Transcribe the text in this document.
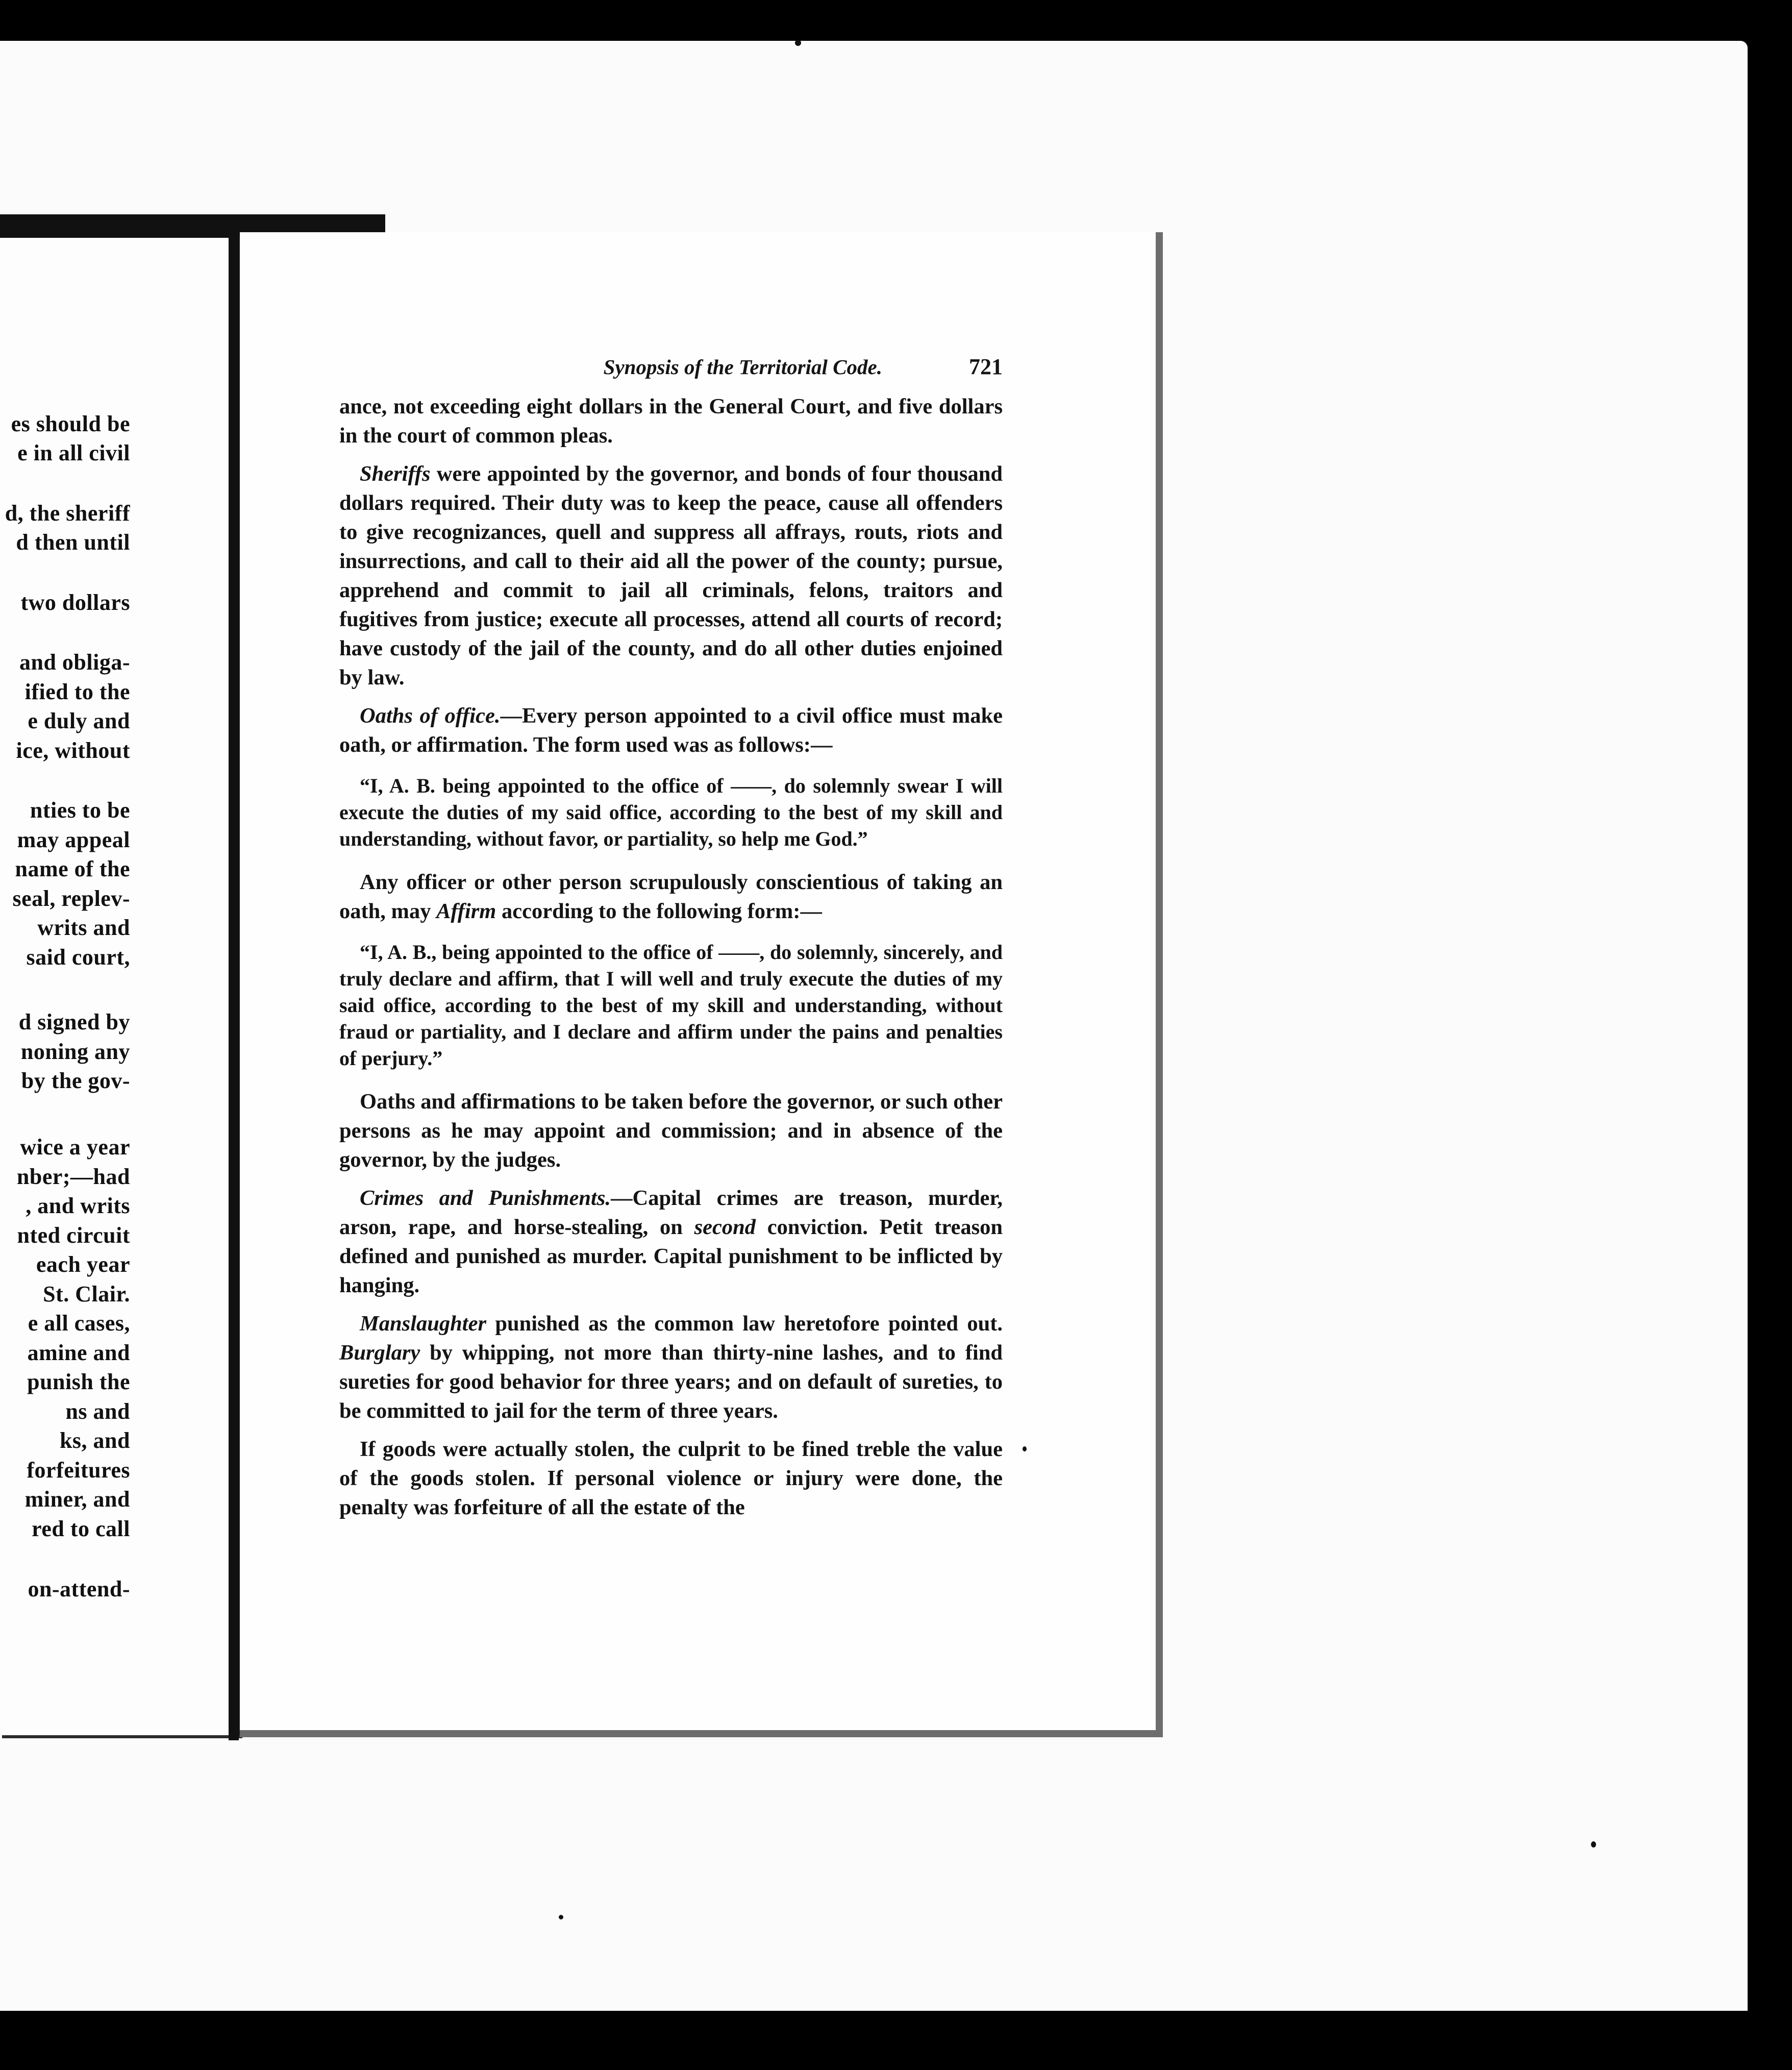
es should be
e in all civil
d, the sheriff
d then until
two dollars
and obliga-
ified to the
e duly and
ice, without
nties to be
may appeal
name of the
seal, replev-
writs and
said court,
d signed by
noning any
by the gov-
wice a year
nber;—had
, and writs
nted circuit
each year
St. Clair.
e all cases,
amine and
punish the
ns and
ks, and
forfeitures
miner, and
red to call
on-attend-
Synopsis of the Territorial Code.	721

ance, not exceeding eight dollars in the General Court, and five dollars in the court of common pleas.

Sheriffs were appointed by the governor, and bonds of four thousand dollars required. Their duty was to keep the peace, cause all offenders to give recognizances, quell and suppress all affrays, routs, riots and insurrections, and call to their aid all the power of the county; pursue, apprehend and commit to jail all criminals, felons, traitors and fugitives from justice; execute all processes, attend all courts of record; have custody of the jail of the county, and do all other duties enjoined by law.

Oaths of office.—Every person appointed to a civil office must make oath, or affirmation. The form used was as follows:—

“I, A. B. being appointed to the office of ——, do solemnly swear I will execute the duties of my said office, according to the best of my skill and understanding, without favor, or partiality, so help me God.”

Any officer or other person scrupulously conscientious of taking an oath, may Affirm according to the following form:—

“I, A. B., being appointed to the office of ——, do solemnly, sincerely, and truly declare and affirm, that I will well and truly execute the duties of my said office, according to the best of my skill and understanding, without fraud or partiality, and I declare and affirm under the pains and penalties of perjury.”

Oaths and affirmations to be taken before the governor, or such other persons as he may appoint and commission; and in absence of the governor, by the judges.

Crimes and Punishments.—Capital crimes are treason, murder, arson, rape, and horse-stealing, on second conviction. Petit treason defined and punished as murder. Capital punishment to be inflicted by hanging.

Manslaughter punished as the common law heretofore pointed out. Burglary by whipping, not more than thirty-nine lashes, and to find sureties for good behavior for three years; and on default of sureties, to be committed to jail for the term of three years.

If goods were actually stolen, the culprit to be fined treble the value of the goods stolen. If personal violence or injury were done, the penalty was forfeiture of all the estate of the
